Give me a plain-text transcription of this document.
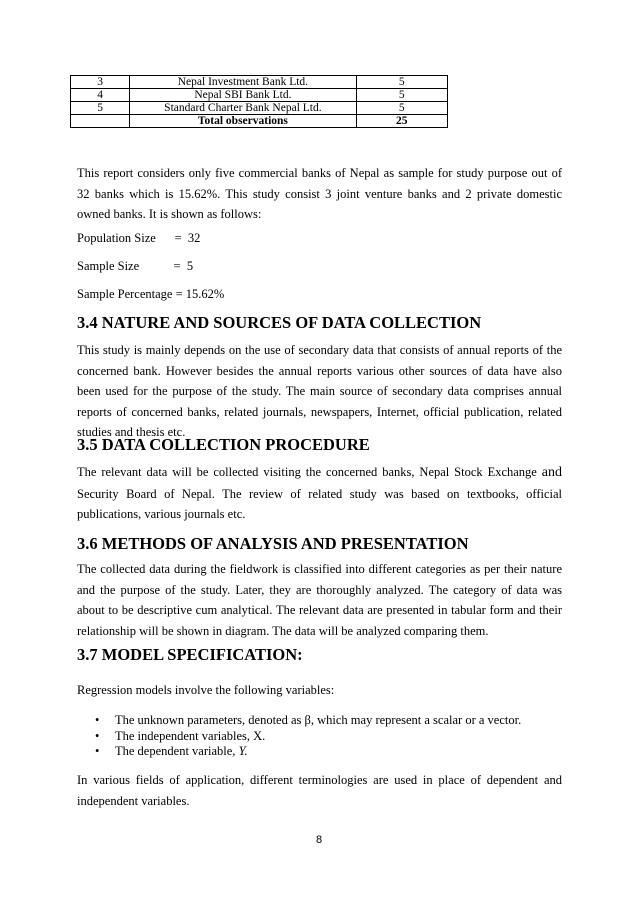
3	Nepal Investment Bank Ltd.	5
4	Nepal SBI Bank Ltd.	5
5	Standard Charter Bank Nepal Ltd.	5
	Total observations	25

This report considers only five commercial banks of Nepal as sample for study purpose out of 32 banks which is 15.62%. This study consist 3 joint venture banks and 2 private domestic owned banks. It is shown as follows:

Population Size      =  32

Sample Size           =  5

Sample Percentage = 15.62%

3.4 NATURE AND SOURCES OF DATA COLLECTION

This study is mainly depends on the use of secondary data that consists of annual reports of the concerned bank. However besides the annual reports various other sources of data have also been used for the purpose of the study. The main source of secondary data comprises annual reports of concerned banks, related journals, newspapers, Internet, official publication, related studies and thesis etc.

3.5 DATA COLLECTION PROCEDURE

The relevant data will be collected visiting the concerned banks, Nepal Stock Exchange and Security Board of Nepal. The review of related study was based on textbooks, official publications, various journals etc.

3.6 METHODS OF ANALYSIS AND PRESENTATION

The collected data during the fieldwork is classified into different categories as per their nature and the purpose of the study. Later, they are thoroughly analyzed. The category of data was about to be descriptive cum analytical. The relevant data are presented in tabular form and their relationship will be shown in diagram. The data will be analyzed comparing them.

3.7 MODEL SPECIFICATION:

Regression models involve the following variables:

• The unknown parameters, denoted as β, which may represent a scalar or a vector.
• The independent variables, X.
• The dependent variable, Y.

In various fields of application, different terminologies are used in place of dependent and independent variables.

8
